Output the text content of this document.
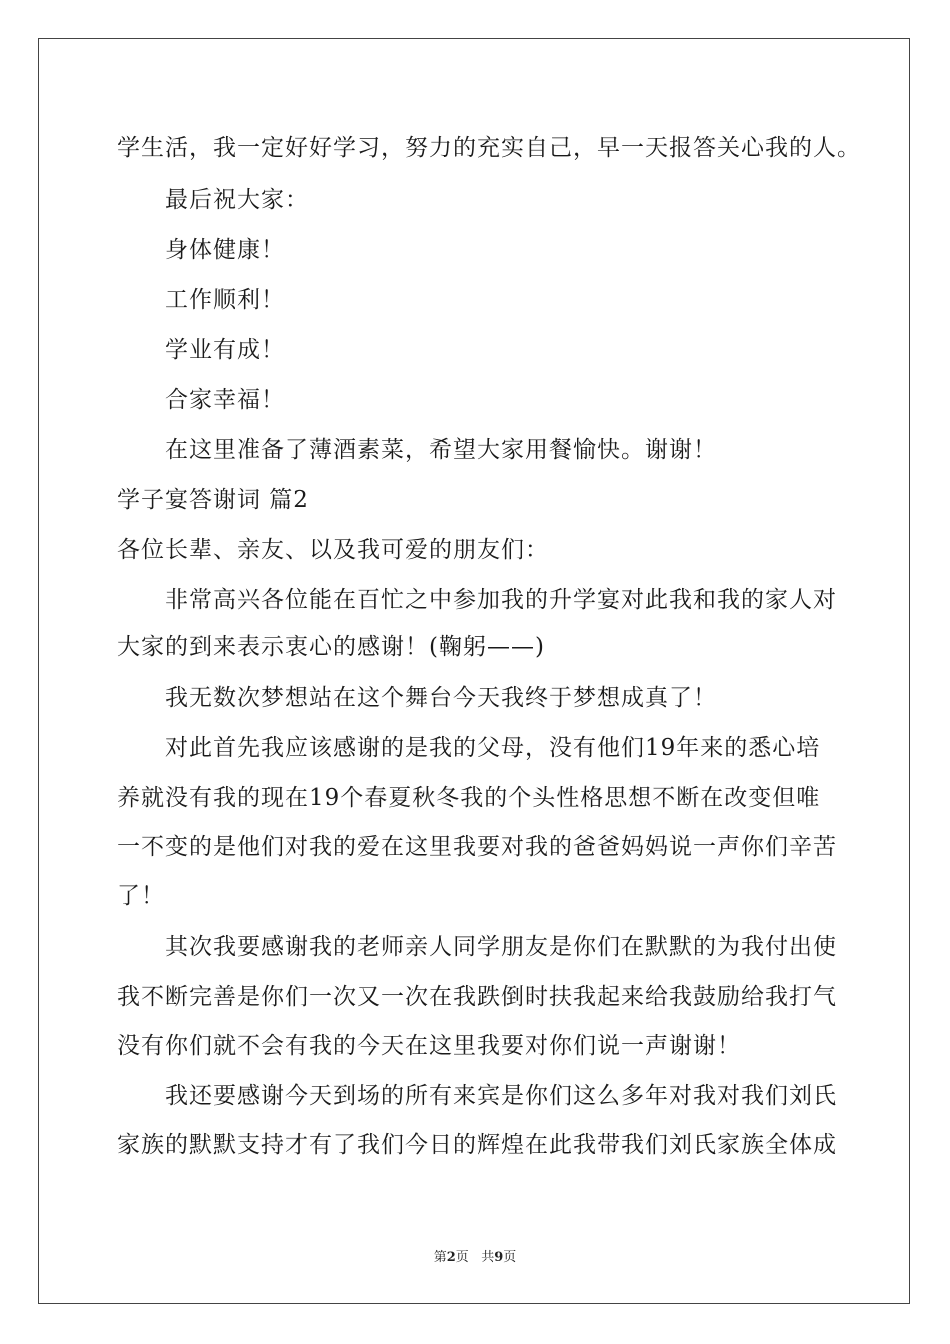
学生活，我一定好好学习，努力的充实自己，早一天报答关心我的人。
最后祝大家：
身体健康！
工作顺利！
学业有成！
合家幸福！
在这里准备了薄酒素菜，希望大家用餐愉快。谢谢！
学子宴答谢词 篇2
各位长辈、亲友、以及我可爱的朋友们：
非常高兴各位能在百忙之中参加我的升学宴对此我和我的家人对
大家的到来表示衷心的感谢！(鞠躬——)
我无数次梦想站在这个舞台今天我终于梦想成真了！
对此首先我应该感谢的是我的父母，没有他们19年来的悉心培
养就没有我的现在19个春夏秋冬我的个头性格思想不断在改变但唯
一不变的是他们对我的爱在这里我要对我的爸爸妈妈说一声你们辛苦
了！
其次我要感谢我的老师亲人同学朋友是你们在默默的为我付出使
我不断完善是你们一次又一次在我跌倒时扶我起来给我鼓励给我打气
没有你们就不会有我的今天在这里我要对你们说一声谢谢！
我还要感谢今天到场的所有来宾是你们这么多年对我对我们刘氏
家族的默默支持才有了我们今日的辉煌在此我带我们刘氏家族全体成
第2页 共9页
